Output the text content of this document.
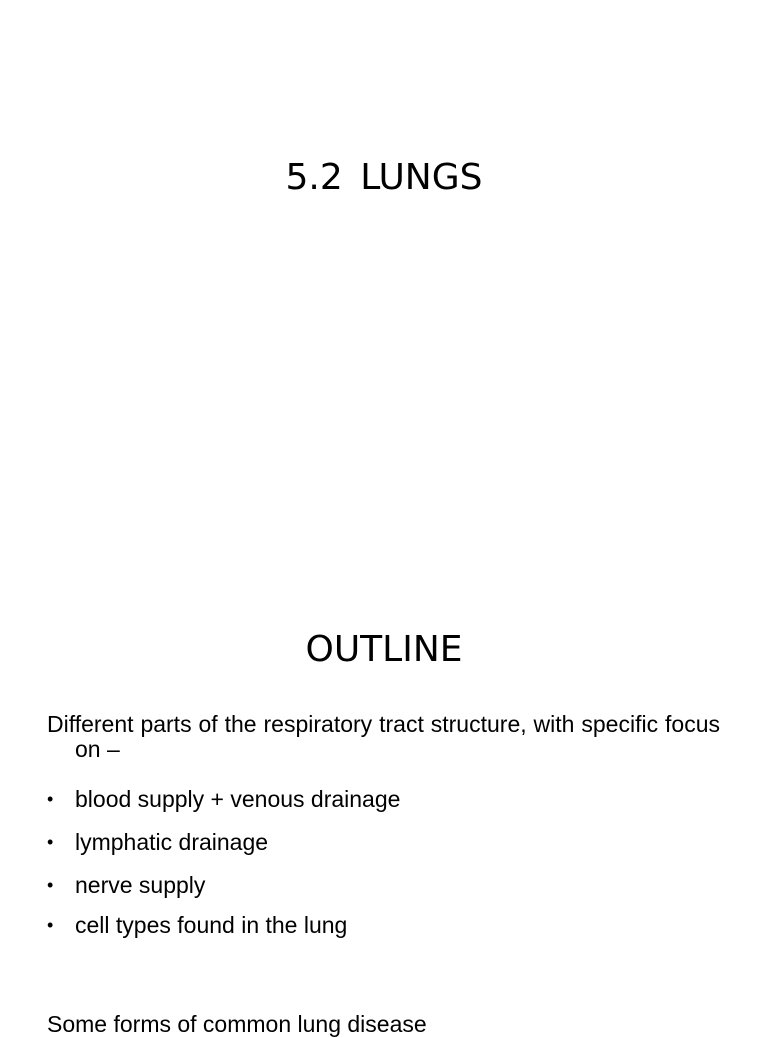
5.2 LUNGS
OUTLINE
Different parts of the respiratory tract structure, with specific focus on –
• blood supply + venous drainage
• lymphatic drainage
• nerve supply
• cell types found in the lung
Some forms of common lung disease
